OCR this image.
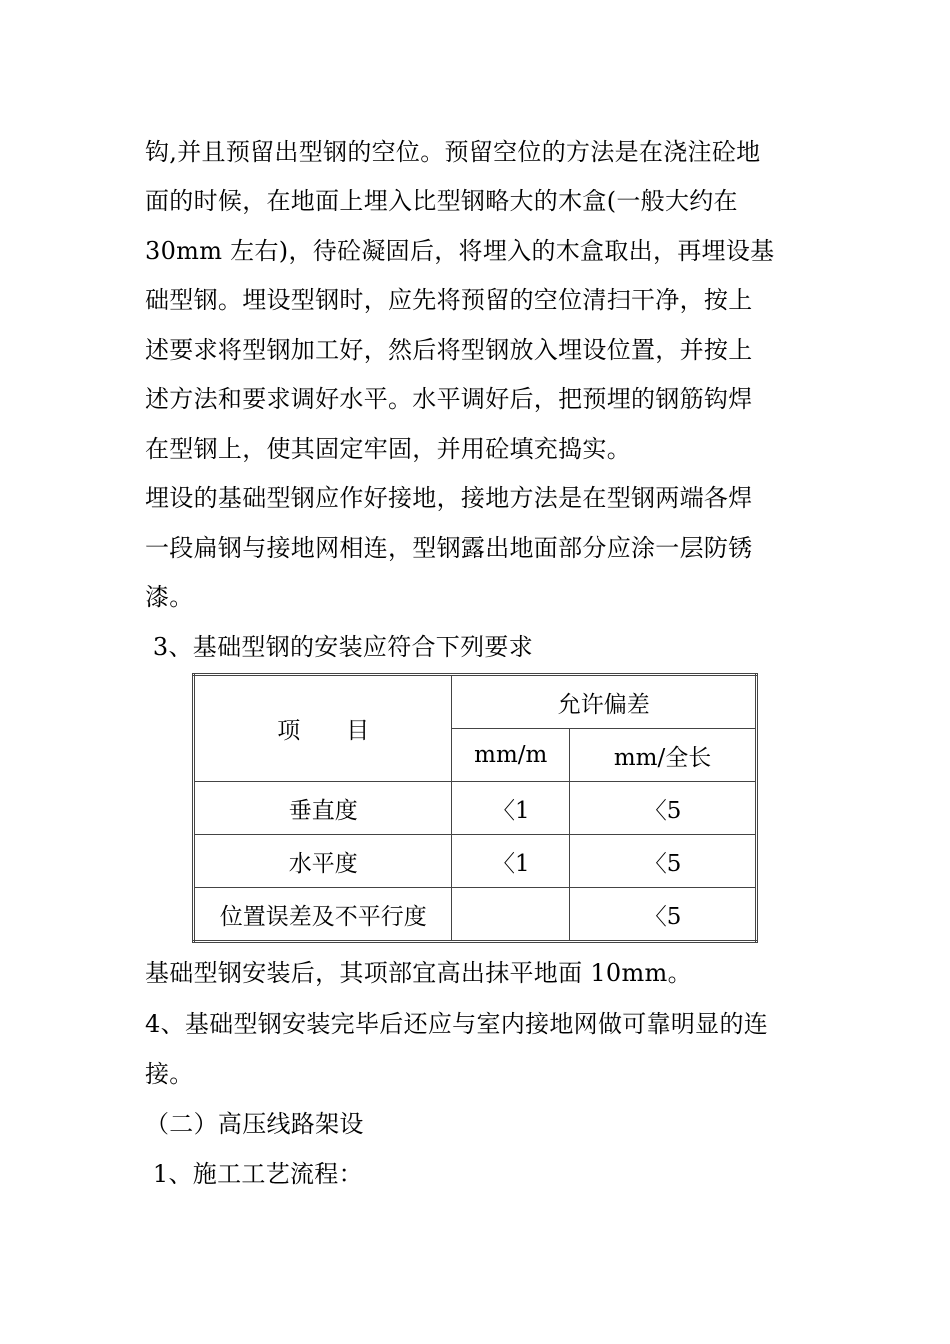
钩,并且预留出型钢的空位。预留空位的方法是在浇注砼地
面的时候，在地面上埋入比型钢略大的木盒(一般大约在
30mm 左右)，待砼凝固后，将埋入的木盒取出，再埋设基
础型钢。埋设型钢时，应先将预留的空位清扫干净，按上
述要求将型钢加工好，然后将型钢放入埋设位置，并按上
述方法和要求调好水平。水平调好后，把预埋的钢筋钩焊
在型钢上，使其固定牢固，并用砼填充捣实。
埋设的基础型钢应作好接地，接地方法是在型钢两端各焊
一段扁钢与接地网相连，型钢露出地面部分应涂一层防锈
漆。
3、基础型钢的安装应符合下列要求
项　　目	允许偏差	
	mm/m	mm/全长
垂直度	〈1	〈5
水平度	〈1	〈5
位置误差及不平行度		〈5
基础型钢安装后，其项部宜高出抹平地面 10mm。
4、基础型钢安装完毕后还应与室内接地网做可靠明显的连
接。
（二）高压线路架设
1、施工工艺流程：
